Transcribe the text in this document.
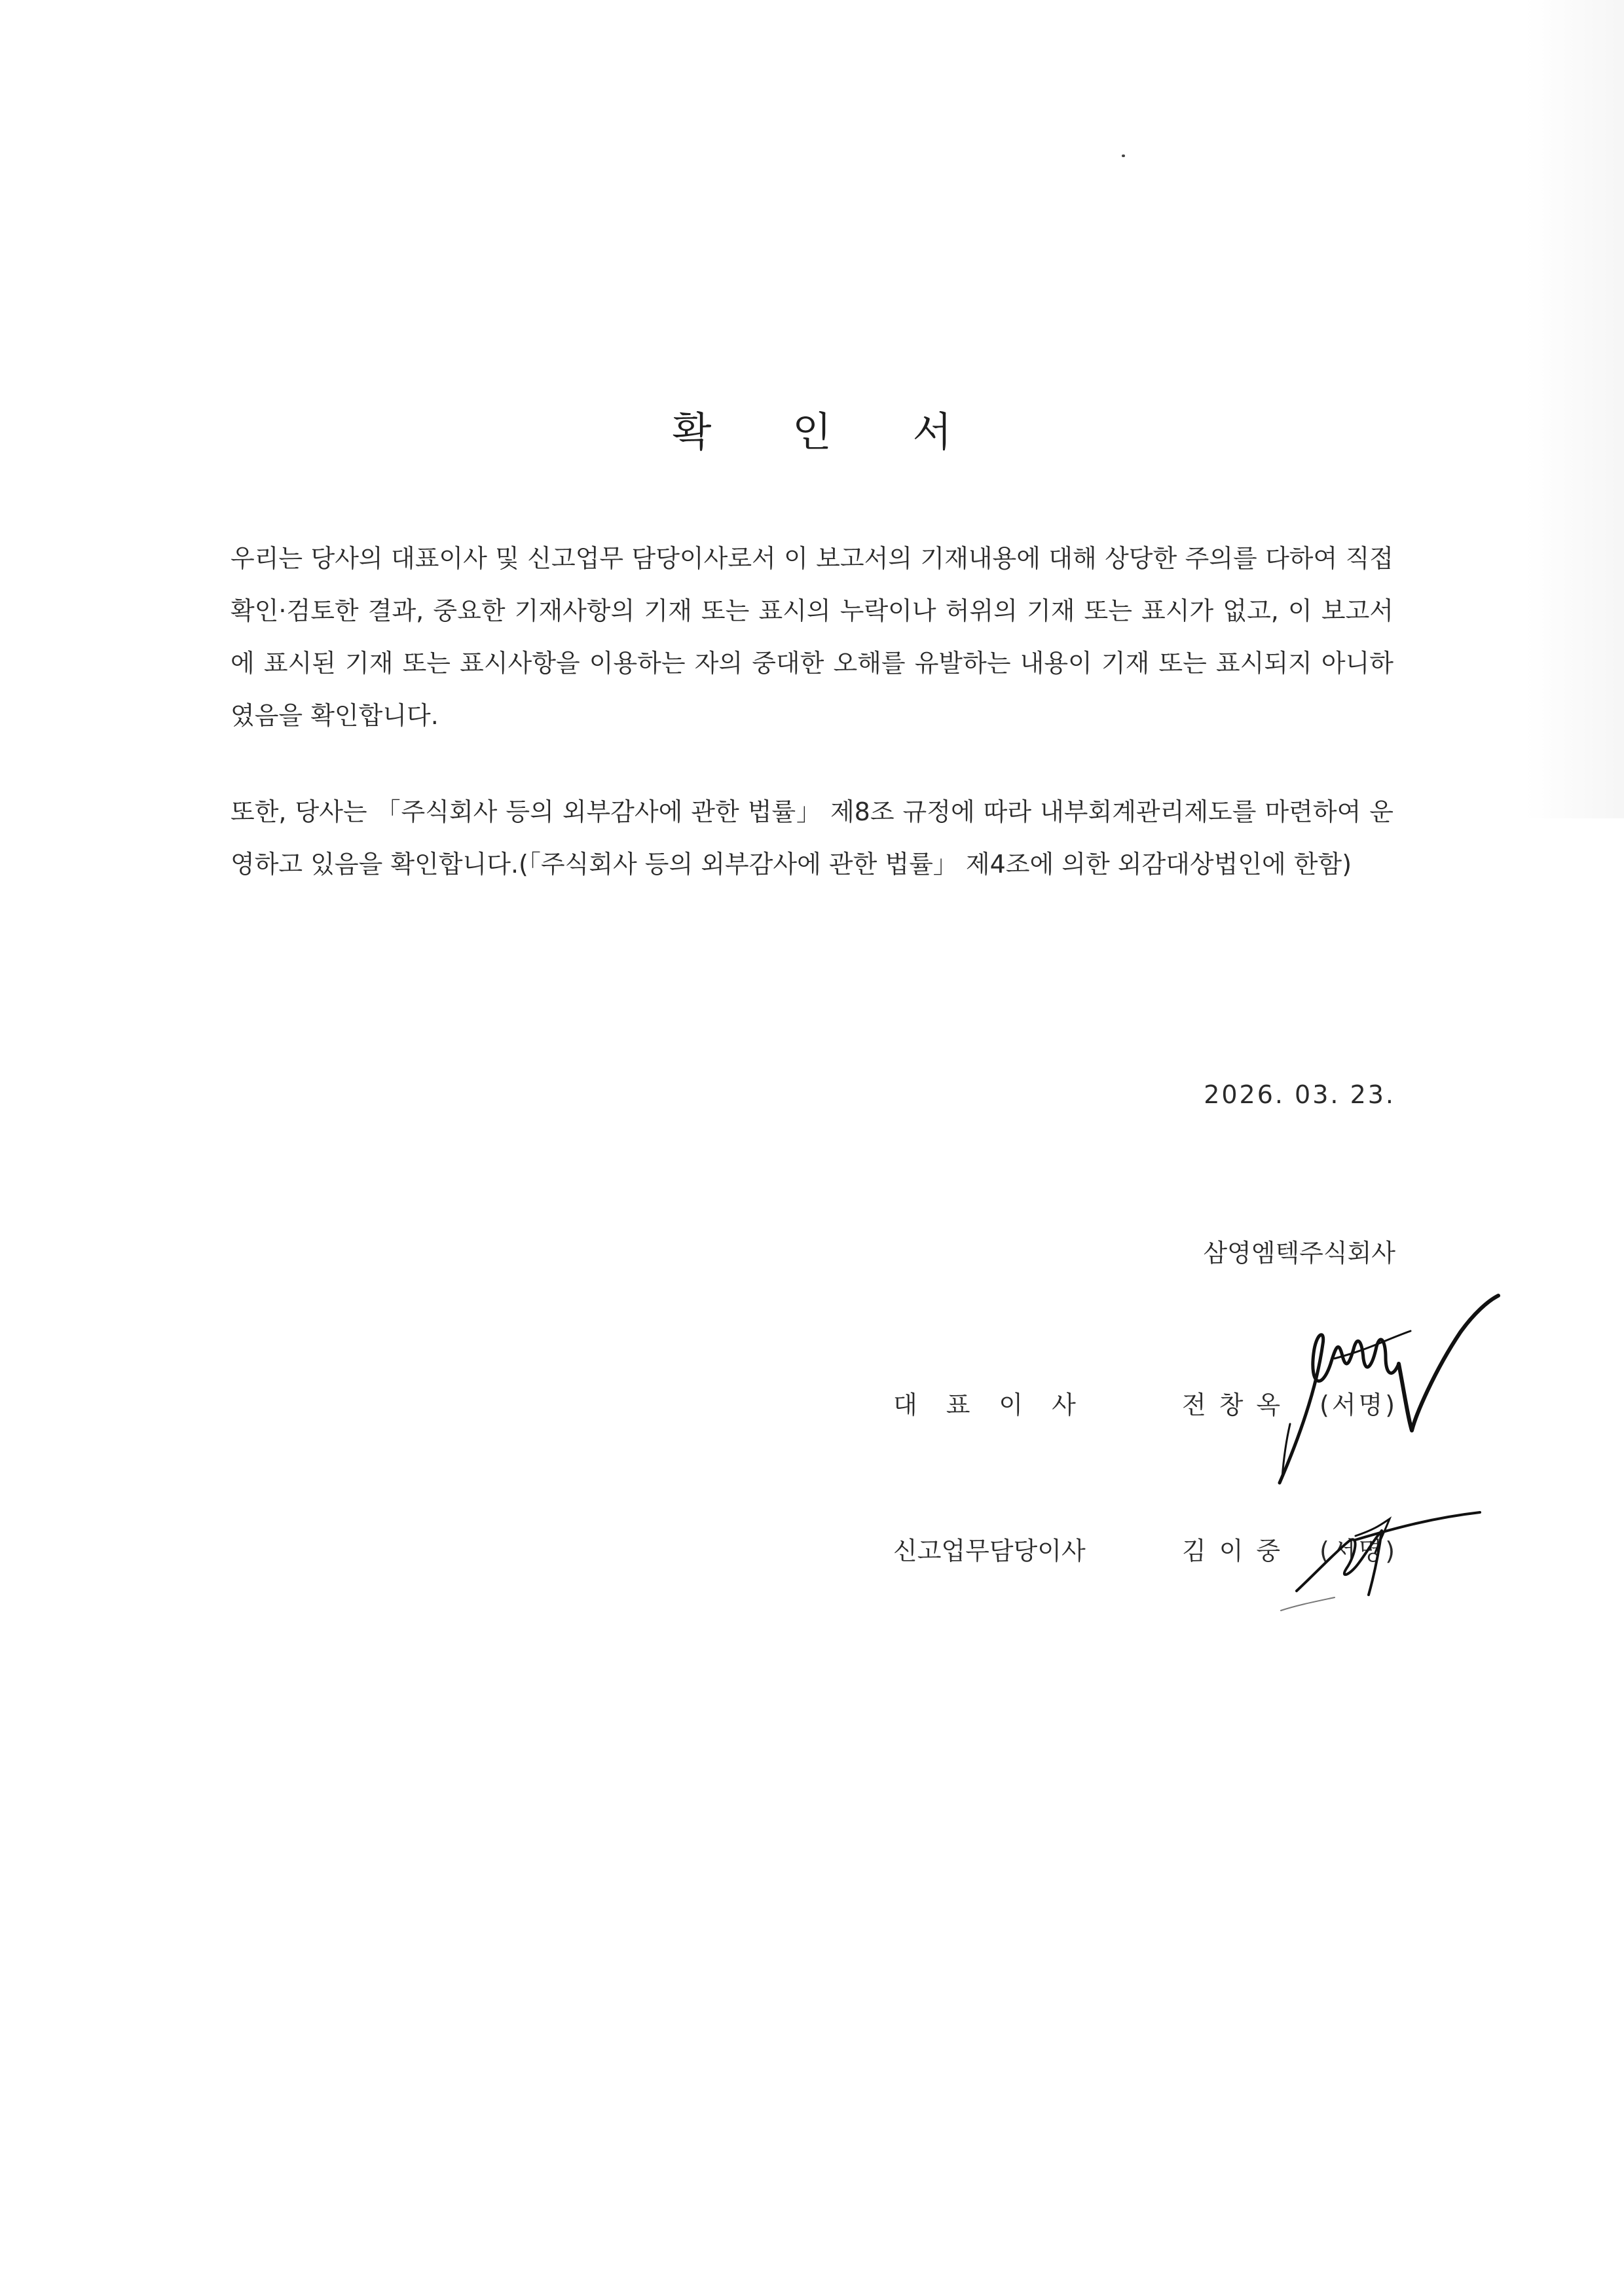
확 인 서

우리는 당사의 대표이사 및 신고업무 담당이사로서 이 보고서의 기재내용에 대해 상당한 주의를 다하여 직접 확인·검토한 결과, 중요한 기재사항의 기재 또는 표시의 누락이나 허위의 기재 또는 표시가 없고, 이 보고서에 표시된 기재 또는 표시사항을 이용하는 자의 중대한 오해를 유발하는 내용이 기재 또는 표시되지 아니하였음을 확인합니다.

또한, 당사는 「주식회사 등의 외부감사에 관한 법률」 제8조 규정에 따라 내부회계관리제도를 마련하여 운영하고 있음을 확인합니다.(「주식회사 등의 외부감사에 관한 법률」 제4조에 의한 외감대상법인에 한함)

2026. 03. 23.
삼영엠텍주식회사
대표이사	전창옥 (서명)
신고업무담당이사	김이중 (서명)
